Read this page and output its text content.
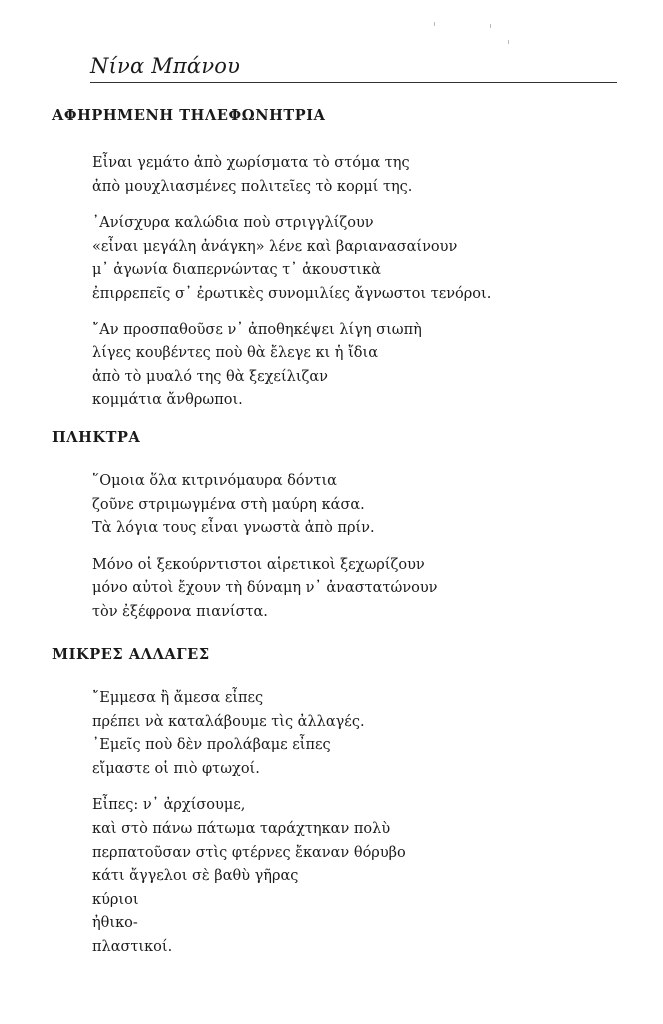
Νίνα Μπάνου
ΑΦΗΡΗΜΕΝΗ ΤΗΛΕΦΩΝΗΤΡΙΑ
Εἶναι γεμάτο ἀπὸ χωρίσματα τὸ στόμα της
ἀπὸ μουχλιασμένες πολιτεῖες τὸ κορμί της.
᾿Ανίσχυρα καλώδια ποὺ στριγγλίζουν
«εἶναι μεγάλη ἀνάγκη» λένε καὶ βαριανασαίνουν
μ᾿ ἀγωνία διαπερνώντας τ᾿ ἀκουστικὰ
ἐπιρρεπεῖς σ᾿ ἐρωτικὲς συνομιλίες ἄγνωστοι τενόροι.
῎Αν προσπαθοῦσε ν᾿ ἀποθηκέψει λίγη σιωπὴ
λίγες κουβέντες ποὺ θὰ ἔλεγε κι ἡ ἴδια
ἀπὸ τὸ μυαλό της θὰ ξεχείλιζαν
κομμάτια ἄνθρωποι.
ΠΛΗΚΤΡΑ
῞Ομοια ὅλα κιτρινόμαυρα δόντια
ζοῦνε στριμωγμένα στὴ μαύρη κάσα.
Τὰ λόγια τους εἶναι γνωστὰ ἀπὸ πρίν.
Μόνο οἱ ξεκούρντιστοι αἱρετικοὶ ξεχωρίζουν
μόνο αὐτοὶ ἔχουν τὴ δύναμη ν᾿ ἀναστατώνουν
τὸν ἐξέφρονα πιανίστα.
ΜΙΚΡΕΣ ΑΛΛΑΓΕΣ
῎Εμμεσα ἢ ἄμεσα εἶπες
πρέπει νὰ καταλάβουμε τὶς ἀλλαγές.
᾿Εμεῖς ποὺ δὲν προλάβαμε εἶπες
εἴμαστε οἱ πιὸ φτωχοί.
Εἶπες: ν᾿ ἀρχίσουμε,
καὶ στὸ πάνω πάτωμα ταράχτηκαν πολὺ
περπατοῦσαν στὶς φτέρνες ἔκαναν θόρυβο
κάτι ἄγγελοι σὲ βαθὺ γῆρας
κύριοι
ἠθικο-
πλαστικοί.
